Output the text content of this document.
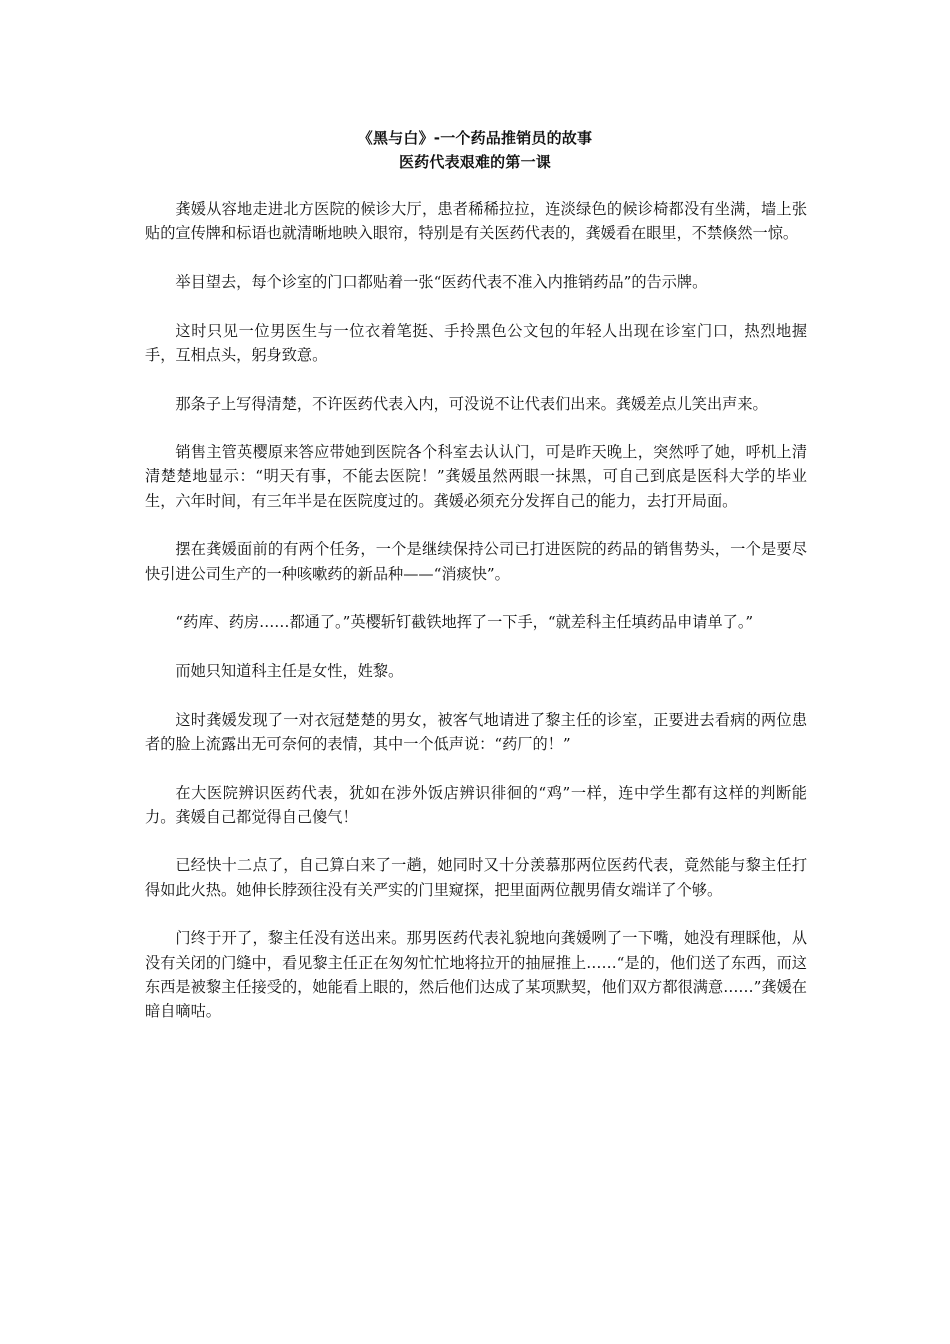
《黑与白》-一个药品推销员的故事
医药代表艰难的第一课

龚媛从容地走进北方医院的候诊大厅，患者稀稀拉拉，连淡绿色的候诊椅都没有坐满，墙上张贴的宣传牌和标语也就清晰地映入眼帘，特别是有关医药代表的，龚媛看在眼里，不禁倏然一惊。

举目望去，每个诊室的门口都贴着一张“医药代表不准入内推销药品”的告示牌。

这时只见一位男医生与一位衣着笔挺、手拎黑色公文包的年轻人出现在诊室门口，热烈地握手，互相点头，躬身致意。

那条子上写得清楚，不许医药代表入内，可没说不让代表们出来。龚媛差点儿笑出声来。

销售主管英樱原来答应带她到医院各个科室去认认门，可是昨天晚上，突然呼了她，呼机上清清楚楚地显示：“明天有事，不能去医院！”龚媛虽然两眼一抹黑，可自己到底是医科大学的毕业生，六年时间，有三年半是在医院度过的。龚媛必须充分发挥自己的能力，去打开局面。

摆在龚媛面前的有两个任务，一个是继续保持公司已打进医院的药品的销售势头，一个是要尽快引进公司生产的一种咳嗽药的新品种——“消痰快”。

“药库、药房……都通了。”英樱斩钉截铁地挥了一下手，“就差科主任填药品申请单了。”

而她只知道科主任是女性，姓黎。

这时龚媛发现了一对衣冠楚楚的男女，被客气地请进了黎主任的诊室，正要进去看病的两位患者的脸上流露出无可奈何的表情，其中一个低声说：“药厂的！”

在大医院辨识医药代表，犹如在涉外饭店辨识徘徊的“鸡”一样，连中学生都有这样的判断能力。龚媛自己都觉得自己傻气！

已经快十二点了，自己算白来了一趟，她同时又十分羡慕那两位医药代表，竟然能与黎主任打得如此火热。她伸长脖颈往没有关严实的门里窥探，把里面两位靓男倩女端详了个够。

门终于开了，黎主任没有送出来。那男医药代表礼貌地向龚媛咧了一下嘴，她没有理睬他，从没有关闭的门缝中，看见黎主任正在匆匆忙忙地将拉开的抽屉推上……“是的，他们送了东西，而这东西是被黎主任接受的，她能看上眼的，然后他们达成了某项默契，他们双方都很满意……”龚媛在暗自嘀咕。
